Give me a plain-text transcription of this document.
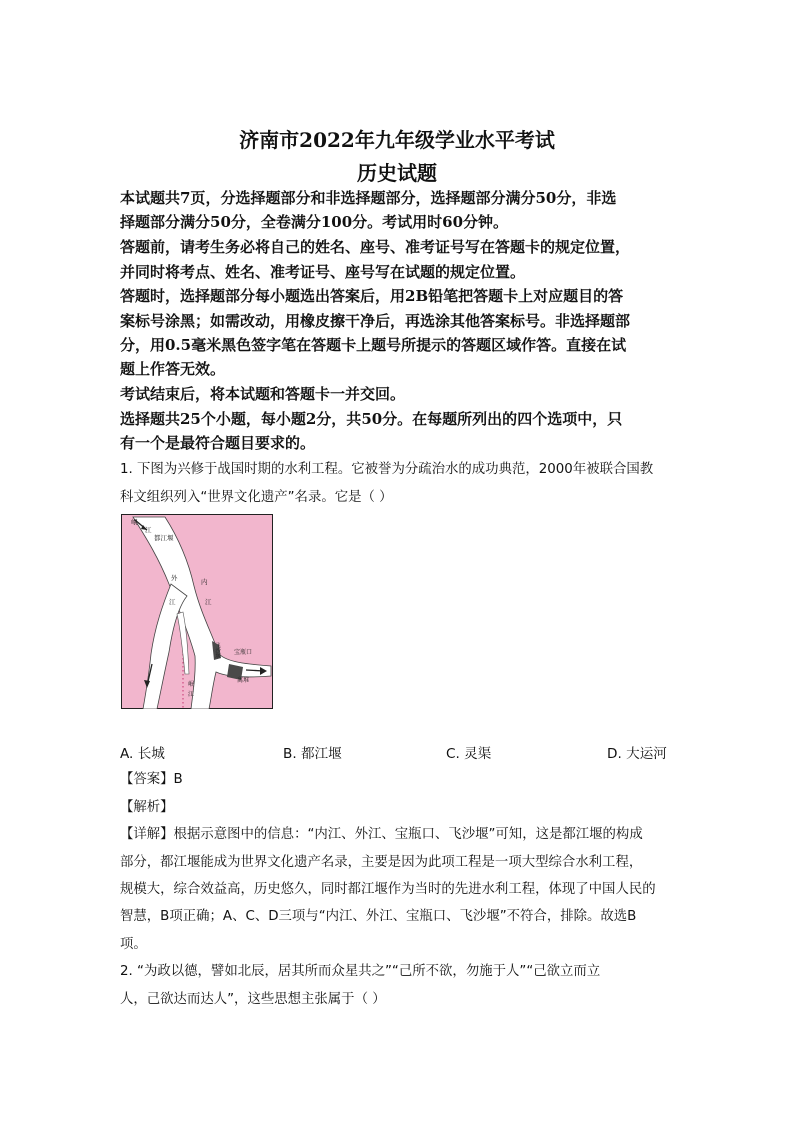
济南市2022年九年级学业水平考试
历史试题
本试题共7页，分选择题部分和非选择题部分，选择题部分满分50分，非选
择题部分满分50分，全卷满分100分。考试用时60分钟。
答题前，请考生务必将自己的姓名、座号、准考证号写在答题卡的规定位置，
并同时将考点、姓名、准考证号、座号写在试题的规定位置。
答题时，选择题部分每小题选出答案后，用2B铅笔把答题卡上对应题目的答
案标号涂黑；如需改动，用橡皮擦干净后，再选涂其他答案标号。非选择题部
分，用0.5毫米黑色签字笔在答题卡上题号所提示的答题区域作答。直接在试
题上作答无效。
考试结束后，将本试题和答题卡一并交回。
选择题共25个小题，每小题2分，共50分。在每题所列出的四个选项中，只
有一个是最符合题目要求的。
1. 下图为兴修于战国时期的水利工程。它被誉为分疏治水的成功典范，2000年被联合国教
科文组织列入“世界文化遗产”名录。它是（ ）
岷
江
都江堰
外
江
内
江
飞沙堰 宝瓶口
离堆
岷
江
A. 长城	B. 都江堰	C. 灵渠	D. 大运河
【答案】B
【解析】
【详解】根据示意图中的信息：“内江、外江、宝瓶口、飞沙堰”可知，这是都江堰的构成
部分，都江堰能成为世界文化遗产名录，主要是因为此项工程是一项大型综合水利工程，
规模大，综合效益高，历史悠久，同时都江堰作为当时的先进水利工程，体现了中国人民的
智慧，B项正确；A、C、D三项与“内江、外江、宝瓶口、飞沙堰”不符合，排除。故选B
项。
2. “为政以德，譬如北辰，居其所而众星共之”“己所不欲，勿施于人”“己欲立而立
人，己欲达而达人”，这些思想主张属于（ ）
